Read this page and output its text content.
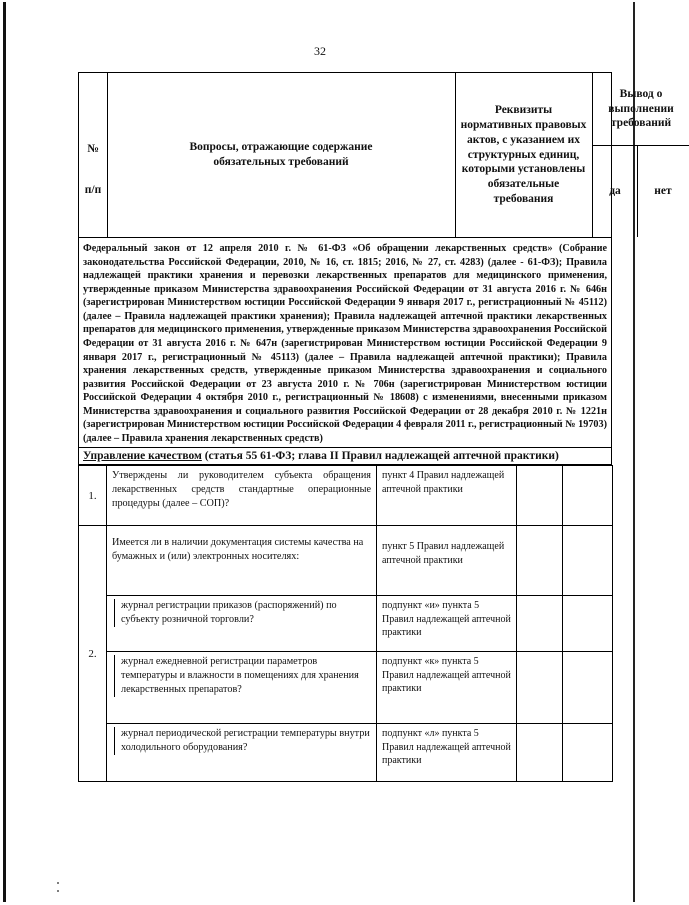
32
№
п/п
Вопросы, отражающие содержание обязательных требований
Реквизиты нормативных правовых актов, с указанием их структурных единиц, которыми установлены обязательные требования
Вывод о выполнении требований
да	нет
Федеральный закон от 12 апреля 2010 г. № 61-ФЗ «Об обращении лекарственных средств» (Собрание законодательства Российской Федерации, 2010, № 16, ст. 1815; 2016, № 27, ст. 4283) (далее - 61-ФЗ); Правила надлежащей практики хранения и перевозки лекарственных препаратов для медицинского применения, утвержденные приказом Министерства здравоохранения Российской Федерации от 31 августа 2016 г. № 646н (зарегистрирован Министерством юстиции Российской Федерации 9 января 2017 г., регистрационный № 45112) (далее – Правила надлежащей практики хранения); Правила надлежащей аптечной практики лекарственных препаратов для медицинского применения, утвержденные приказом Министерства здравоохранения Российской Федерации от 31 августа 2016 г. № 647н (зарегистрирован Министерством юстиции Российской Федерации 9 января 2017 г., регистрационный № 45113) (далее – Правила надлежащей аптечной практики); Правила хранения лекарственных средств, утвержденные приказом Министерства здравоохранения и социального развития Российской Федерации от 23 августа 2010 г. № 706н (зарегистрирован Министерством юстиции Российской Федерации 4 октября 2010 г., регистрационный № 18608) с изменениями, внесенными приказом Министерства здравоохранения и социального развития Российской Федерации от 28 декабря 2010 г. № 1221н (зарегистрирован Министерством юстиции Российской Федерации 4 февраля 2011 г., регистрационный № 19703) (далее – Правила хранения лекарственных средств)
Управление качеством (статья 55 61-ФЗ; глава II Правил надлежащей аптечной практики)
1.	Утверждены ли руководителем субъекта обращения лекарственных средств стандартные операционные процедуры (далее – СОП)?	пункт 4 Правил надлежащей аптечной практики		
2.	Имеется ли в наличии документация системы качества на бумажных и (или) электронных носителях:	пункт 5 Правил надлежащей аптечной практики		

	журнал регистрации приказов (распоряжений) по субъекту розничной торговли?	подпункт «и» пункта 5 Правил надлежащей аптечной практики		

	журнал ежедневной регистрации параметров температуры и влажности в помещениях для хранения лекарственных препаратов?	подпункт «к» пункта 5 Правил надлежащей аптечной практики		

	журнал периодической регистрации температуры внутри холодильного оборудования?	подпункт «л» пункта 5 Правил надлежащей аптечной практики		
